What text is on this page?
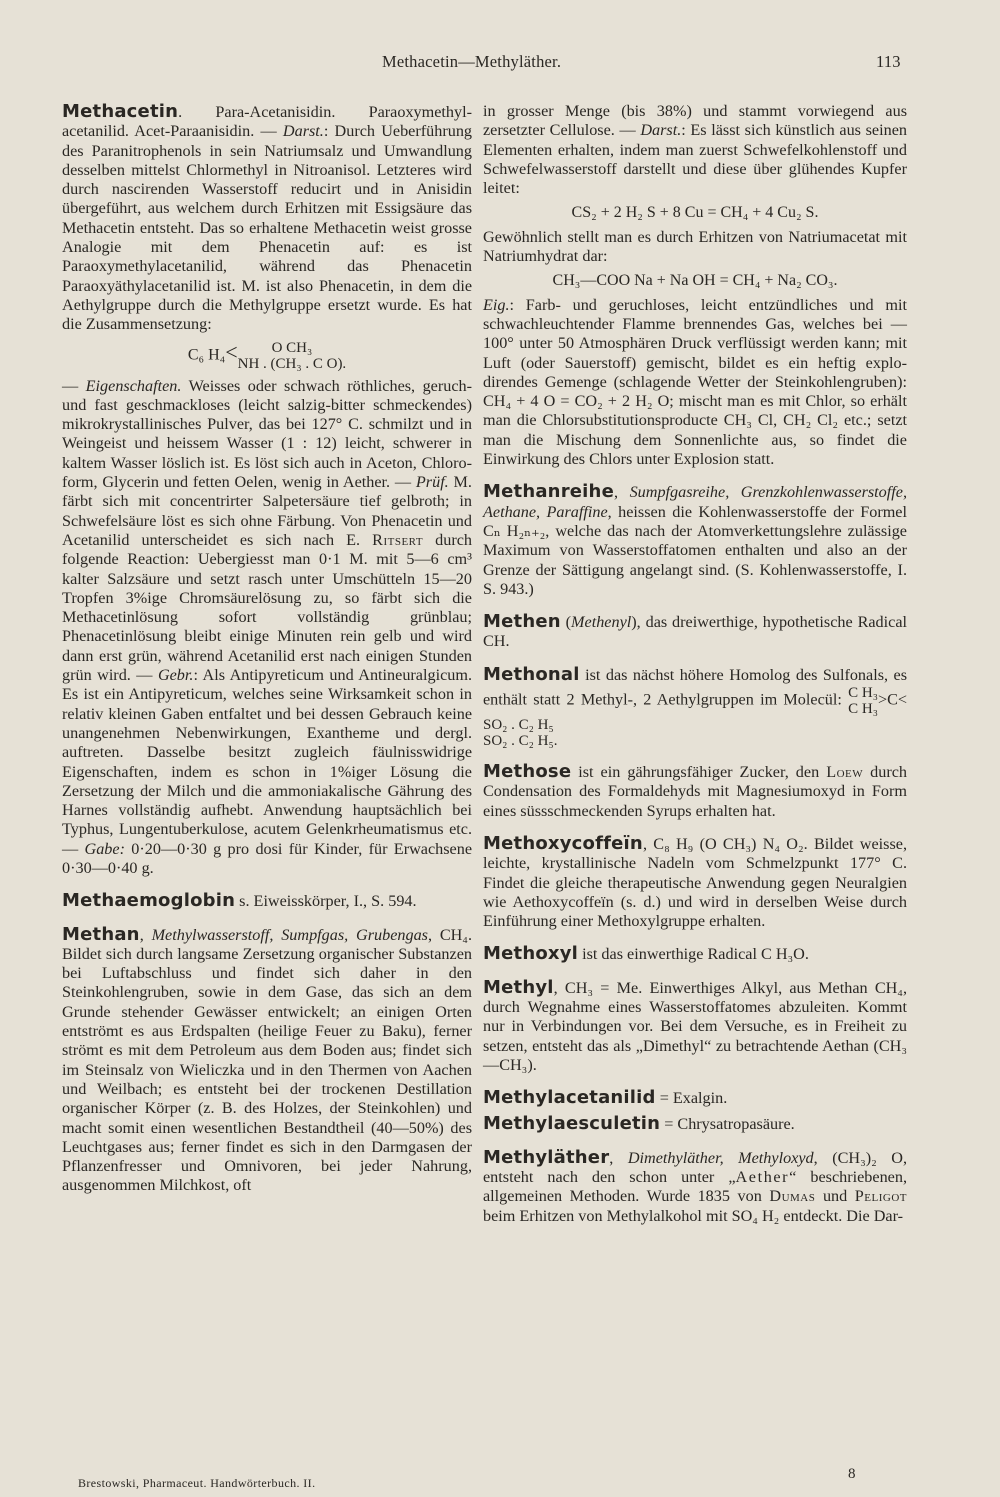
Methacetin—Methyläther.	113

Methacetin. Para-Acetanisidin. Paraoxymethylacetanilid. Acet-Paraanisidin. — Darst.: Durch Ueberführung des Paranitrophenols in sein Natriumsalz und Umwandlung desselben mittelst Chlormethyl in Nitroanisol. Letzteres wird durch nascirenden Wasserstoff reducirt und in Anisidin übergeführt, aus welchem durch Erhitzen mit Essigsäure das Methacetin entsteht. Das so erhaltene Methacetin weist grosse Analogie mit dem Phenacetin auf: es ist Paraoxymethylacetanilid, während das Phenacetin Paraoxyäthylacetanilid ist. M. ist also Phenacetin, in dem die Aethylgruppe durch die Methylgruppe ersetzt wurde. Es hat die Zusammensetzung:

C₆ H₄<	O CH₃
NH . (CH₃ . C O).

— Eigenschaften. Weisses oder schwach röthliches, geruch- und fast geschmackloses (leicht salzig-bitter schmeckendes) mikrokrystallinisches Pulver, das bei 127° C. schmilzt und in Weingeist und heissem Wasser (1 : 12) leicht, schwerer in kaltem Wasser löslich ist. Es löst sich auch in Aceton, Chloroform, Glycerin und fetten Oelen, wenig in Aether. — Prüf. M. färbt sich mit concentrirter Salpetersäure tief gelbroth; in Schwefelsäure löst es sich ohne Färbung. Von Phenacetin und Acetanilid unterscheidet es sich nach E. Ritsert durch folgende Reaction: Uebergiesst man 0·1 M. mit 5—6 cm³ kalter Salzsäure und setzt rasch unter Umschütteln 15—20 Tropfen 3%ige Chromsäurelösung zu, so färbt sich die Methacetinlösung sofort vollständig grünblau; Phenacetinlösung bleibt einige Minuten rein gelb und wird dann erst grün, während Acetanilid erst nach einigen Stunden grün wird. — Gebr.: Als Antipyreticum und Antineuralgicum. Es ist ein Antipyreticum, welches seine Wirksamkeit schon in relativ kleinen Gaben entfaltet und bei dessen Gebrauch keine unangenehmen Nebenwirkungen, Exantheme und dergl. auftreten. Dasselbe besitzt zugleich fäulnisswidrige Eigenschaften, indem es schon in 1%iger Lösung die Zersetzung der Milch und die ammoniakalische Gährung des Harnes vollständig aufhebt. Anwendung hauptsächlich bei Typhus, Lungentuberkulose, acutem Gelenkrheumatismus etc. — Gabe: 0·20—0·30 g pro dosi für Kinder, für Erwachsene 0·30—0·40 g.

Methaemoglobin s. Eiweisskörper, I., S. 594.

Methan, Methylwasserstoff, Sumpfgas, Grubengas, CH₄. Bildet sich durch langsame Zersetzung organischer Substanzen bei Luftabschluss und findet sich daher in den Steinkohlengruben, sowie in dem Gase, das sich an dem Grunde stehender Gewässer entwickelt; an einigen Orten entströmt es aus Erdspalten (heilige Feuer zu Baku), ferner strömt es mit dem Petroleum aus dem Boden aus; findet sich im Steinsalz von Wieliczka und in den Thermen von Aachen und Weilbach; es entsteht bei der trockenen Destillation organischer Körper (z. B. des Holzes, der Steinkohlen) und macht somit einen wesentlichen Bestandtheil (40—50%) des Leuchtgases aus; ferner findet es sich in den Darmgasen der Pflanzenfresser und Omnivoren, bei jeder Nahrung, ausgenommen Milchkost, oft

in grosser Menge (bis 38%) und stammt vorwiegend aus zersetzter Cellulose. — Darst.: Es lässt sich künstlich aus seinen Elementen erhalten, indem man zuerst Schwefelkohlenstoff und Schwefelwasserstoff darstellt und diese über glühendes Kupfer leitet:

CS₂ + 2 H₂ S + 8 Cu = CH₄ + 4 Cu₂ S.

Gewöhnlich stellt man es durch Erhitzen von Natriumacetat mit Natriumhydrat dar:

CH₃—COO Na + Na OH = CH₄ + Na₂ CO₃.

Eig.: Farb- und geruchloses, leicht entzündliches und mit schwachleuchtender Flamme brennendes Gas, welches bei —100° unter 50 Atmosphären Druck verflüssigt werden kann; mit Luft (oder Sauerstoff) gemischt, bildet es ein heftig explodirendes Gemenge (schlagende Wetter der Steinkohlengruben): CH₄ + 4 O = CO₂ + 2 H₂ O; mischt man es mit Chlor, so erhält man die Chlorsubstitutionsproducte CH₃ Cl, CH₂ Cl₂ etc.; setzt man die Mischung dem Sonnenlichte aus, so findet die Einwirkung des Chlors unter Explosion statt.

Methanreihe, Sumpfgasreihe, Grenzkohlenwasserstoffe, Aethane, Paraffine, heissen die Kohlenwasserstoffe der Formel Cₙ H₂ₙ₊₂, welche das nach der Atomverkettungslehre zulässige Maximum von Wasserstoffatomen enthalten und also an der Grenze der Sättigung angelangt sind. (S. Kohlenwasserstoffe, I. S. 943.)

Methen (Methenyl), das dreiwerthige, hypothetische Radical CH.

Methonal ist das nächst höhere Homolog des Sulfonals, es enthält statt 2 Methyl-, 2 Aethylgruppen im Molecül: C H₃
C H₃
>C<
SO₂ . C₂ H₅
SO₂ . C₂ H₅.

Methose ist ein gährungsfähiger Zucker, den Loew durch Condensation des Formaldehyds mit Magnesiumoxyd in Form eines süssschmeckenden Syrups erhalten hat.

Methoxycoffeïn, C₈ H₉ (O CH₃) N₄ O₂. Bildet weisse, leichte, krystallinische Nadeln vom Schmelzpunkt 177° C. Findet die gleiche therapeutische Anwendung gegen Neuralgien wie Aethoxycoffeïn (s. d.) und wird in derselben Weise durch Einführung einer Methoxylgruppe erhalten.

Methoxyl ist das einwerthige Radical C H₃O.

Methyl, CH₃ = Me. Einwerthiges Alkyl, aus Methan CH₄, durch Wegnahme eines Wasserstoffatomes abzuleiten. Kommt nur in Verbindungen vor. Bei dem Versuche, es in Freiheit zu setzen, entsteht das als „Dimethyl“ zu betrachtende Aethan (CH₃—CH₃).

Methylacetanilid = Exalgin.

Methylaesculetin = Chrysatropasäure.

Methyläther, Dimethyläther, Methyloxyd, (CH₃)₂ O, entsteht nach den schon unter „Aether“ beschriebenen, allgemeinen Methoden. Wurde 1835 von Dumas und Peligot beim Erhitzen von Methylalkohol mit SO₄ H₂ entdeckt. Die Dar-

Brestowski, Pharmaceut. Handwörterbuch. II.
8
